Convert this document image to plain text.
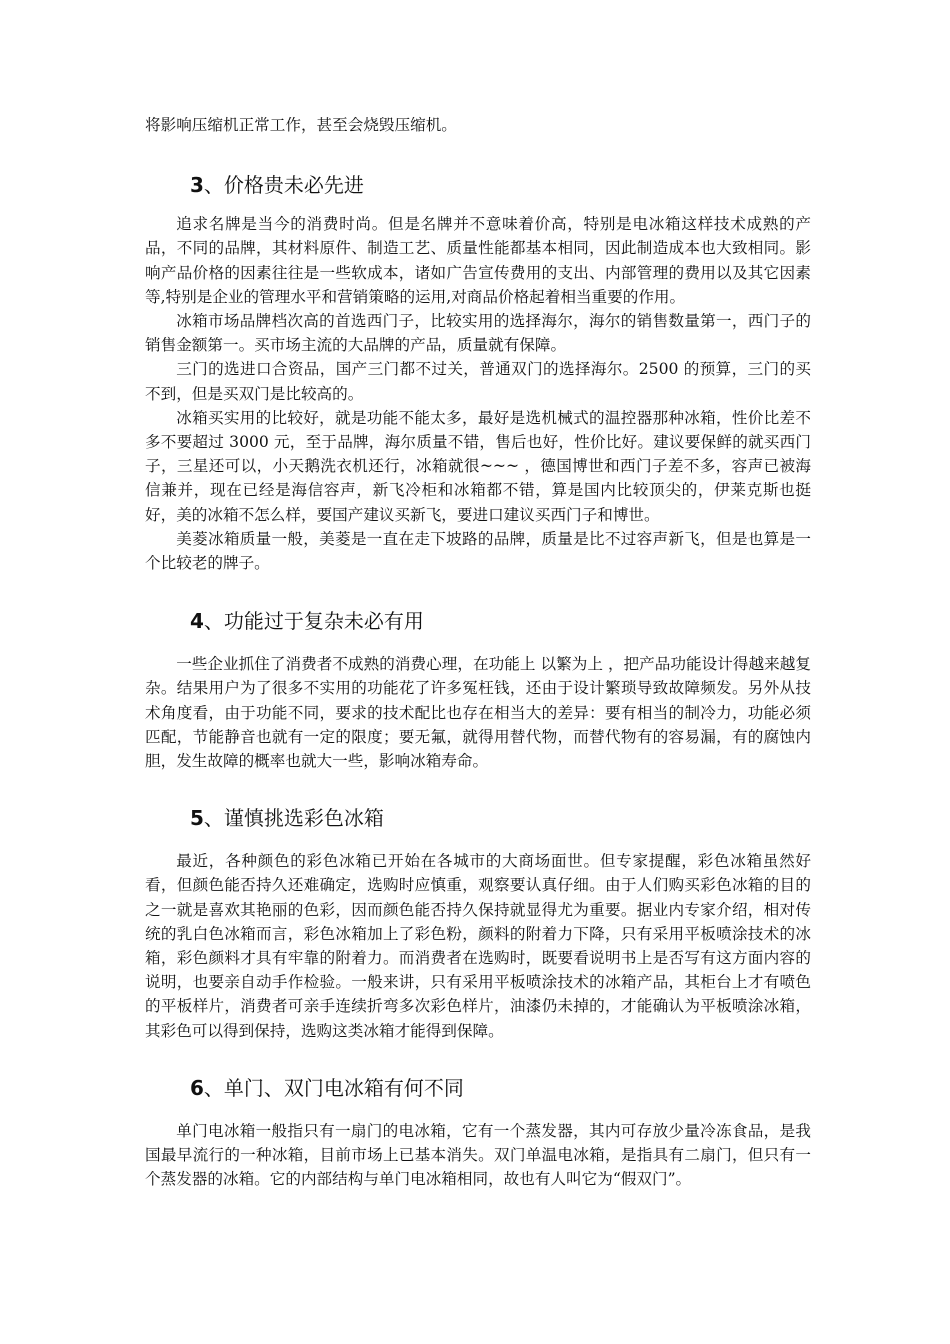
将影响压缩机正常工作，甚至会烧毁压缩机。

3、价格贵未必先进

追求名牌是当今的消费时尚。但是名牌并不意味着价高，特别是电冰箱这样技术成熟的产品，不同的品牌，其材料原件、制造工艺、质量性能都基本相同，因此制造成本也大致相同。影响产品价格的因素往往是一些软成本，诸如广告宣传费用的支出、内部管理的费用以及其它因素等,特别是企业的管理水平和营销策略的运用,对商品价格起着相当重要的作用。

冰箱市场品牌档次高的首选西门子，比较实用的选择海尔，海尔的销售数量第一，西门子的销售金额第一。买市场主流的大品牌的产品，质量就有保障。

三门的选进口合资品，国产三门都不过关，普通双门的选择海尔。2500 的预算，三门的买不到，但是买双门是比较高的。

冰箱买实用的比较好，就是功能不能太多，最好是选机械式的温控器那种冰箱，性价比差不多不要超过 3000 元，至于品牌，海尔质量不错，售后也好，性价比好。建议要保鲜的就买西门子，三星还可以，小天鹅洗衣机还行，冰箱就很~~~ ，德国博世和西门子差不多，容声已被海信兼并，现在已经是海信容声，新飞冷柜和冰箱都不错，算是国内比较顶尖的，伊莱克斯也挺好，美的冰箱不怎么样，要国产建议买新飞，要进口建议买西门子和博世。

美菱冰箱质量一般，美菱是一直在走下坡路的品牌，质量是比不过容声新飞，但是也算是一个比较老的牌子。

4、功能过于复杂未必有用

一些企业抓住了消费者不成熟的消费心理，在功能上 以繁为上 ，把产品功能设计得越来越复杂。结果用户为了很多不实用的功能花了许多冤枉钱，还由于设计繁琐导致故障频发。另外从技术角度看，由于功能不同，要求的技术配比也存在相当大的差异：要有相当的制冷力，功能必须匹配，节能静音也就有一定的限度；要无氟，就得用替代物，而替代物有的容易漏，有的腐蚀内胆，发生故障的概率也就大一些，影响冰箱寿命。

5、谨慎挑选彩色冰箱

最近，各种颜色的彩色冰箱已开始在各城市的大商场面世。但专家提醒，彩色冰箱虽然好看，但颜色能否持久还难确定，选购时应慎重，观察要认真仔细。由于人们购买彩色冰箱的目的之一就是喜欢其艳丽的色彩，因而颜色能否持久保持就显得尤为重要。据业内专家介绍，相对传统的乳白色冰箱而言，彩色冰箱加上了彩色粉，颜料的附着力下降，只有采用平板喷涂技术的冰箱，彩色颜料才具有牢靠的附着力。而消费者在选购时，既要看说明书上是否写有这方面内容的说明，也要亲自动手作检验。一般来讲，只有采用平板喷涂技术的冰箱产品，其柜台上才有喷色的平板样片，消费者可亲手连续折弯多次彩色样片，油漆仍未掉的，才能确认为平板喷涂冰箱，其彩色可以得到保持，选购这类冰箱才能得到保障。

6、单门、双门电冰箱有何不同

单门电冰箱一般指只有一扇门的电冰箱，它有一个蒸发器，其内可存放少量冷冻食品，是我国最早流行的一种冰箱，目前市场上已基本消失。双门单温电冰箱，是指具有二扇门，但只有一个蒸发器的冰箱。它的内部结构与单门电冰箱相同，故也有人叫它为“假双门”。
